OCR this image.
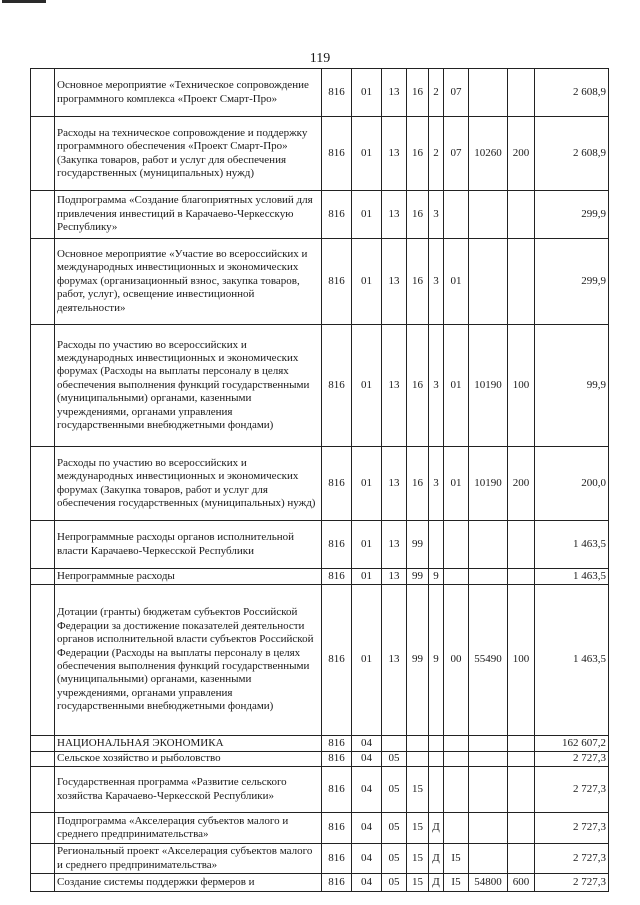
119
	Основное мероприятие «Техническое сопровождение программного комплекса «Проект Смарт-Про»	816	01	13	16	2	07			2 608,9
	Расходы на техническое сопровождение и поддержку программного обеспечения «Проект Смарт-Про» (Закупка товаров, работ и услуг для обеспечения государственных (муниципальных) нужд)	816	01	13	16	2	07	10260	200	2 608,9
	Подпрограмма «Создание благоприятных условий для привлечения инвестиций в Карачаево-Черкесскую Республику»	816	01	13	16	3				299,9
	Основное мероприятие «Участие во всероссийских и международных инвестиционных и экономических форумах (организационный взнос, закупка товаров, работ, услуг), освещение инвестиционной деятельности»	816	01	13	16	3	01			299,9
	Расходы по участию во всероссийских и международных инвестиционных и экономических форумах (Расходы на выплаты персоналу в целях обеспечения выполнения функций государственными (муниципальными) органами, казенными учреждениями, органами управления государственными внебюджетными фондами)	816	01	13	16	3	01	10190	100	99,9
	Расходы по участию во всероссийских и международных инвестиционных и экономических форумах (Закупка товаров, работ и услуг для обеспечения государственных (муниципальных) нужд)	816	01	13	16	3	01	10190	200	200,0
	Непрограммные расходы органов исполнительной власти Карачаево-Черкесской Республики	816	01	13	99					1 463,5
	Непрограммные расходы	816	01	13	99	9				1 463,5
	Дотации (гранты) бюджетам субъектов Российской Федерации за достижение показателей деятельности органов исполнительной власти субъектов Российской Федерации (Расходы на выплаты персоналу в целях обеспечения выполнения функций государственными (муниципальными) органами, казенными учреждениями, органами управления государственными внебюджетными фондами)	816	01	13	99	9	00	55490	100	1 463,5
	НАЦИОНАЛЬНАЯ ЭКОНОМИКА	816	04							162 607,2
	Сельское хозяйство и рыболовство	816	04	05						2 727,3
	Государственная программа «Развитие сельского хозяйства Карачаево-Черкесской Республики»	816	04	05	15					2 727,3
	Подпрограмма «Акселерация субъектов малого и среднего предпринимательства»	816	04	05	15	Д				2 727,3
	Региональный проект «Акселерация субъектов малого и среднего предпринимательства»	816	04	05	15	Д	I5			2 727,3
	Создание системы поддержки фермеров и	816	04	05	15	Д	I5	54800	600	2 727,3
